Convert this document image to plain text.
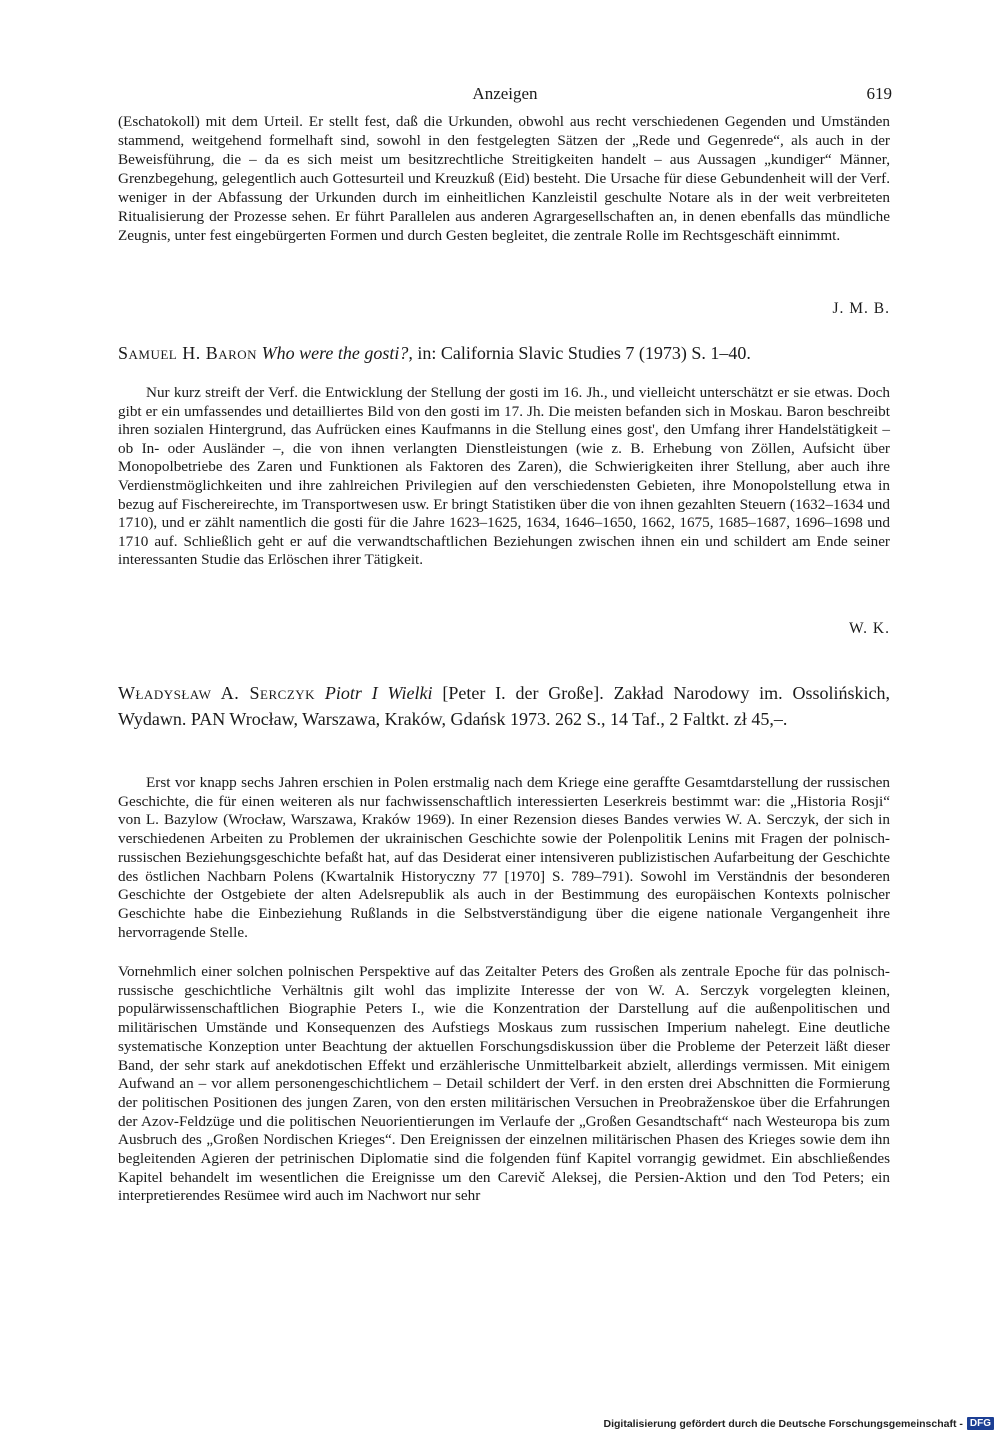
Anzeigen	619

(Eschatokoll) mit dem Urteil. Er stellt fest, daß die Urkunden, obwohl aus recht verschiedenen Gegenden und Umständen stammend, weitgehend formelhaft sind, sowohl in den festgelegten Sätzen der „Rede und Gegenrede“, als auch in der Beweisführung, die – da es sich meist um besitzrechtliche Streitigkeiten handelt – aus Aussagen „kundiger“ Männer, Grenzbegehung, gelegentlich auch Gottesurteil und Kreuzkuß (Eid) besteht. Die Ursache für diese Gebundenheit will der Verf. weniger in der Abfassung der Urkunden durch im einheitlichen Kanzleistil geschulte Notare als in der weit verbreiteten Ritualisierung der Prozesse sehen. Er führt Parallelen aus anderen Agrargesellschaften an, in denen ebenfalls das mündliche Zeugnis, unter fest eingebürgerten Formen und durch Gesten begleitet, die zentrale Rolle im Rechtsgeschäft einnimmt.

J. M. B.
Samuel H. Baron Who were the gosti?, in: California Slavic Studies 7 (1973) S. 1–40.

Nur kurz streift der Verf. die Entwicklung der Stellung der gosti im 16. Jh., und vielleicht unterschätzt er sie etwas. Doch gibt er ein umfassendes und detailliertes Bild von den gosti im 17. Jh. Die meisten befanden sich in Moskau. Baron beschreibt ihren sozialen Hintergrund, das Aufrücken eines Kaufmanns in die Stellung eines gost', den Umfang ihrer Handelstätigkeit – ob In- oder Ausländer –, die von ihnen verlangten Dienstleistungen (wie z. B. Erhebung von Zöllen, Aufsicht über Monopolbetriebe des Zaren und Funktionen als Faktoren des Zaren), die Schwierigkeiten ihrer Stellung, aber auch ihre Verdienstmöglichkeiten und ihre zahlreichen Privilegien auf den verschiedensten Gebieten, ihre Monopolstellung etwa in bezug auf Fischereirechte, im Transportwesen usw. Er bringt Statistiken über die von ihnen gezahlten Steuern (1632–1634 und 1710), und er zählt namentlich die gosti für die Jahre 1623–1625, 1634, 1646–1650, 1662, 1675, 1685–1687, 1696–1698 und 1710 auf. Schließlich geht er auf die verwandtschaftlichen Beziehungen zwischen ihnen ein und schildert am Ende seiner interessanten Studie das Erlöschen ihrer Tätigkeit.

W. K.
Władysław A. Serczyk Piotr I Wielki [Peter I. der Große]. Zakład Narodowy im. Ossolińskich, Wydawn. PAN Wrocław, Warszawa, Kraków, Gdańsk 1973. 262 S., 14 Taf., 2 Faltkt. zł 45,–.

Erst vor knapp sechs Jahren erschien in Polen erstmalig nach dem Kriege eine geraffte Gesamtdarstellung der russischen Geschichte, die für einen weiteren als nur fachwissenschaftlich interessierten Leserkreis bestimmt war: die „Historia Rosji“ von L. Bazylow (Wrocław, Warszawa, Kraków 1969). In einer Rezension dieses Bandes verwies W. A. Serczyk, der sich in verschiedenen Arbeiten zu Problemen der ukrainischen Geschichte sowie der Polenpolitik Lenins mit Fragen der polnisch-russischen Beziehungsgeschichte befaßt hat, auf das Desiderat einer intensiveren publizistischen Aufarbeitung der Geschichte des östlichen Nachbarn Polens (Kwartalnik Historyczny 77 [1970] S. 789–791). Sowohl im Verständnis der besonderen Geschichte der Ostgebiete der alten Adelsrepublik als auch in der Bestimmung des europäischen Kontexts polnischer Geschichte habe die Einbeziehung Rußlands in die Selbstverständigung über die eigene nationale Vergangenheit ihre hervorragende Stelle.

Vornehmlich einer solchen polnischen Perspektive auf das Zeitalter Peters des Großen als zentrale Epoche für das polnisch-russische geschichtliche Verhältnis gilt wohl das implizite Interesse der von W. A. Serczyk vorgelegten kleinen, populärwissenschaftlichen Biographie Peters I., wie die Konzentration der Darstellung auf die außenpolitischen und militärischen Umstände und Konsequenzen des Aufstiegs Moskaus zum russischen Imperium nahelegt. Eine deutliche systematische Konzeption unter Beachtung der aktuellen Forschungsdiskussion über die Probleme der Peterzeit läßt dieser Band, der sehr stark auf anekdotischen Effekt und erzählerische Unmittelbarkeit abzielt, allerdings vermissen. Mit einigem Aufwand an – vor allem personengeschichtlichem – Detail schildert der Verf. in den ersten drei Abschnitten die Formierung der politischen Positionen des jungen Zaren, von den ersten militärischen Versuchen in Preobraženskoe über die Erfahrungen der Azov-Feldzüge und die politischen Neuorientierungen im Verlaufe der „Großen Gesandtschaft“ nach Westeuropa bis zum Ausbruch des „Großen Nordischen Krieges“. Den Ereignissen der einzelnen militärischen Phasen des Krieges sowie dem ihn begleitenden Agieren der petrinischen Diplomatie sind die folgenden fünf Kapitel vorrangig gewidmet. Ein abschließendes Kapitel behandelt im wesentlichen die Ereignisse um den Carevič Aleksej, die Persien-Aktion und den Tod Peters; ein interpretierendes Resümee wird auch im Nachwort nur sehr

Digitalisierung gefördert durch die Deutsche Forschungsgemeinschaft - DFG
